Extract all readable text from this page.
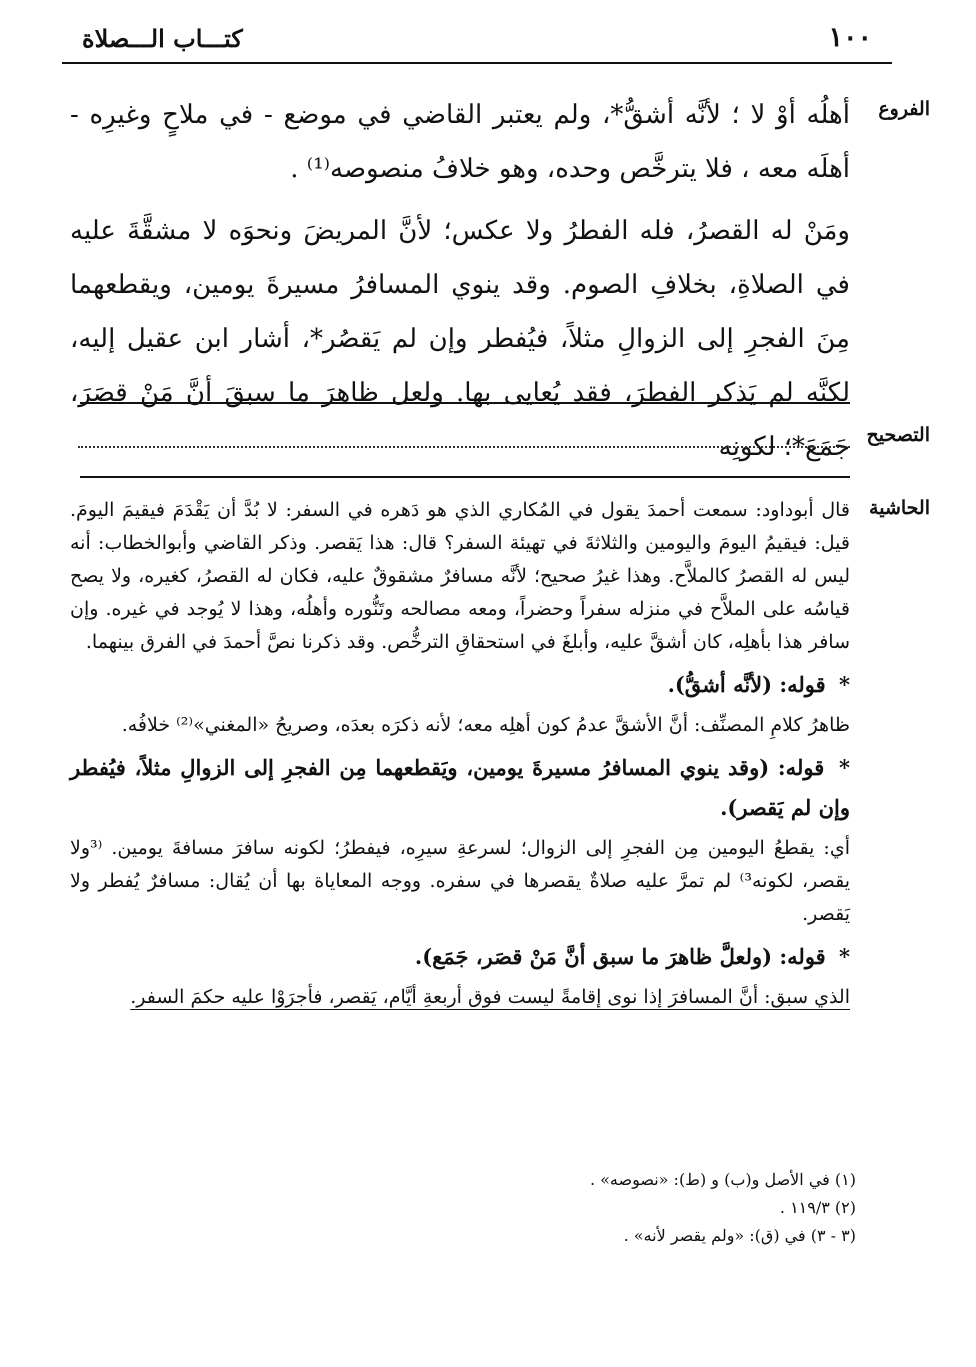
١٠٠
كتـــاب الـــصلاة
الفروع
التصحيح
الحاشية

أهلُه أوْ لا ؛ لأنَّه أشقُّ*، ولم يعتبر القاضي في موضع - في ملاحٍ وغيرِه - أهلَه معه ، فلا يترخَّص وحده، وهو خلافُ منصوصه⁽¹⁾ .

ومَنْ له القصرُ، فله الفطرُ ولا عكس؛ لأنَّ المريضَ ونحوَه لا مشقَّةَ عليه في الصلاةِ، بخلافِ الصوم. وقد ينوي المسافرُ مسيرةَ يومين، ويقطعهما مِنَ الفجرِ إلى الزوالِ مثلاً، فيُفطر وإن لم يَقصُر*، أشار ابن عقيل إليه، لكنَّه لم يَذكر الفطرَ، فقد يُعايى بها. ولعل ظاهرَ ما سبقَ أنَّ مَنْ قصَرَ، جَمَعَ*؛ لكونِه

قال أبوداود: سمعت أحمدَ يقول في المُكاري الذي هو دَهره في السفر: لا بُدَّ أن يَقْدَمَ فيقيمَ اليومَ. قيل: فيقيمُ اليومَ واليومين والثلاثةَ في تهيئة السفر؟ قال: هذا يَقصر. وذكر القاضي وأبوالخطاب: أنه ليس له القصرُ كالملاَّح. وهذا غيرُ صحيح؛ لأنَّه مسافرٌ مشقوقٌ عليه، فكان له القصرُ، كغيره، ولا يصح قياسُه على الملاَّح في منزله سفراً وحضراً، ومعه مصالحه وتَنُّوره وأهلُه، وهذا لا يُوجد في غيره. وإن سافر هذا بأهلِه، كان أشقَّ عليه، وأبلغَ في استحقاقِ الترخُّص. وقد ذكرنا نصَّ أحمدَ في الفرق بينهما.

* قوله: (لأنَّه أشقُّ).

ظاهرُ كلامِ المصنِّف: أنَّ الأشقَّ عدمُ كون أهلِه معه؛ لأنه ذكرَه بعدَه، وصريحُ «المغني»⁽²⁾ خلافُه.

* قوله: (وقد ينوي المسافرُ مسيرةَ يومين، ويَقطعهما مِن الفجرِ إلى الزوالِ مثلاً، فيُفطر وإن لم يَقصر).

أي: يقطعُ اليومين مِن الفجرِ إلى الزوال؛ لسرعةِ سيرِه، فيفطرُ؛ لكونه سافرَ مسافةَ يومين. ⁽³ولا يقصر، لكونه³⁾ لم تمرَّ عليه صلاةٌ يقصرها في سفره. ووجه المعاياة بها أن يُقال: مسافرٌ يُفطر ولا يَقصر.

* قوله: (ولعلَّ ظاهرَ ما سبق أنَّ مَنْ قصَر، جَمَع).

الذي سبق: أنَّ المسافرَ إذا نوى إقامةً ليست فوق أربعةِ أيَّام، يَقصر، فأجرَوْا عليه حكمَ السفر.

(١) في الأصل و(ب) و (ط): «نصوصه» .
(٢) ١١٩/٣ .
(٣ - ٣) في (ق): «ولم يقصر لأنه» .
